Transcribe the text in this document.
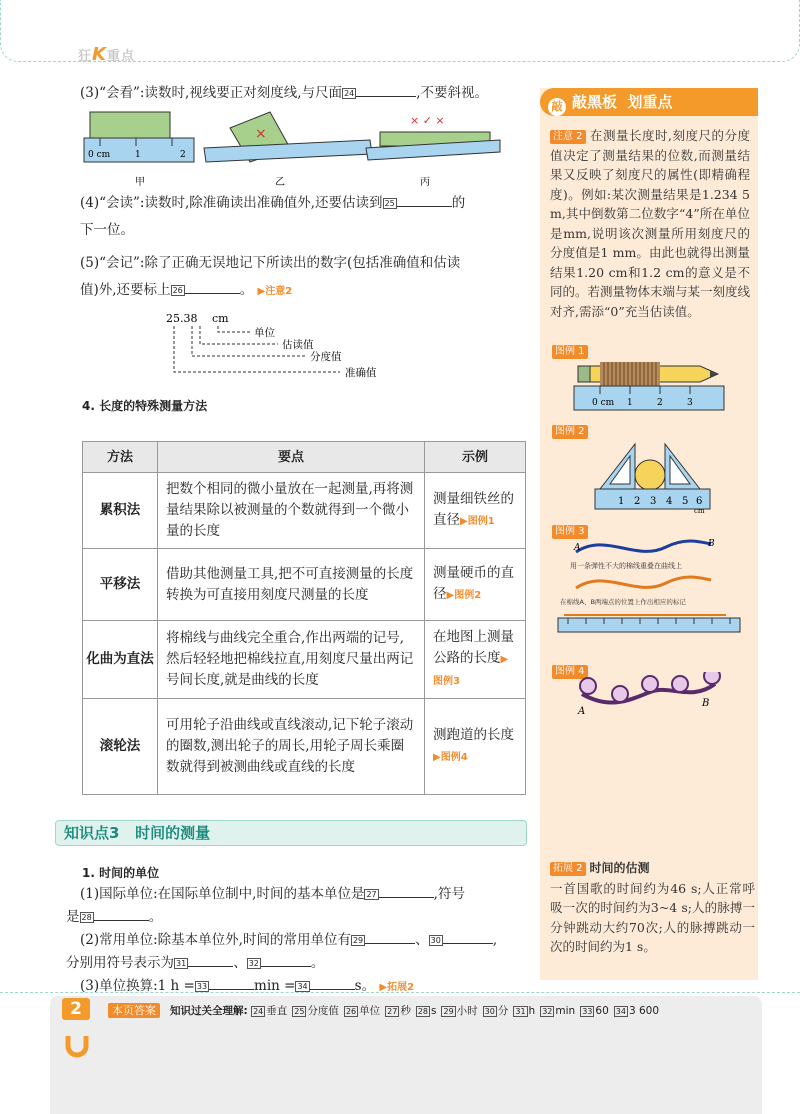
狂K重点
敲 敲黑板 划重点
注意 2 在测量长度时,刻度尺的分度值决定了测量结果的位数,而测量结果又反映了刻度尺的属性(即精确程度)。例如:某次测量结果是1.234 5 m,其中倒数第二位数字“4”所在单位是mm,说明该次测量所用刻度尺的分度值是1 mm。由此也就得出测量结果1.20 cm和1.2 cm的意义是不同的。若测量物体末端与某一刻度线对齐,需添“0”充当估读值。
图例 1
0 cm 1	2	3
图例 2
1 2 3 4 5 6
cm
图例 3
A	B
用一条弹性不大的棉线重叠在曲线上
在棉线A、B两端点的位置上作出相应的标记
图例 4
A
B
拓展 2 时间的估测
一首国歌的时间约为46 s;人正常呼吸一次的时间约为3~4 s;人的脉搏一分钟跳动大约70次;人的脉搏跳动一次的时间约为1 s。
(3)“会看”:读数时,视线要正对刻度线,与尺面 24	,不要斜视。
0 cm	1	2
甲
×
乙
× ✓ ×
丙
(4)“会读”:读数时,除准确读出准确值外,还要估读到 25	的
下一位。
(5)“会记”:除了正确无误地记下所读出的数字(包括准确值和估读
值)外,还要标上 26	。 ▶注意2
25.38 cm
单位
估读值
分度值
准确值
4. 长度的特殊测量方法
方法	要点	示例
累积法	把数个相同的微小量放在一起测量,再将测量结果除以被测量的个数就得到一个微小量的长度	测量细铁丝的直径▶图例1
平移法	借助其他测量工具,把不可直接测量的长度转换为可直接用刻度尺测量的长度	测量硬币的直径▶图例2
化曲为直法	将棉线与曲线完全重合,作出两端的记号,然后轻轻地把棉线拉直,用刻度尺量出两记号间长度,就是曲线的长度	在地图上测量公路的长度▶图例3
滚轮法	可用轮子沿曲线或直线滚动,记下轮子滚动的圈数,测出轮子的周长,用轮子周长乘圈数就得到被测曲线或直线的长度	测跑道的长度▶图例4
知识点3 时间的测量
1. 时间的单位
(1)国际单位:在国际单位制中,时间的基本单位是 27	,符号
是 28	。
(2)常用单位:除基本单位外,时间的常用单位有 29	、 30	,
分别用符号表示为 31	、 32	。
(3)单位换算:1 h = 33	min = 34	s。 ▶拓展2
2	本页答案 知识过关全理解: 24 垂直 25 分度值 26 单位 27 秒 28 s 29 小时 30 分 31 h 32 min 33 60 34 3 600
